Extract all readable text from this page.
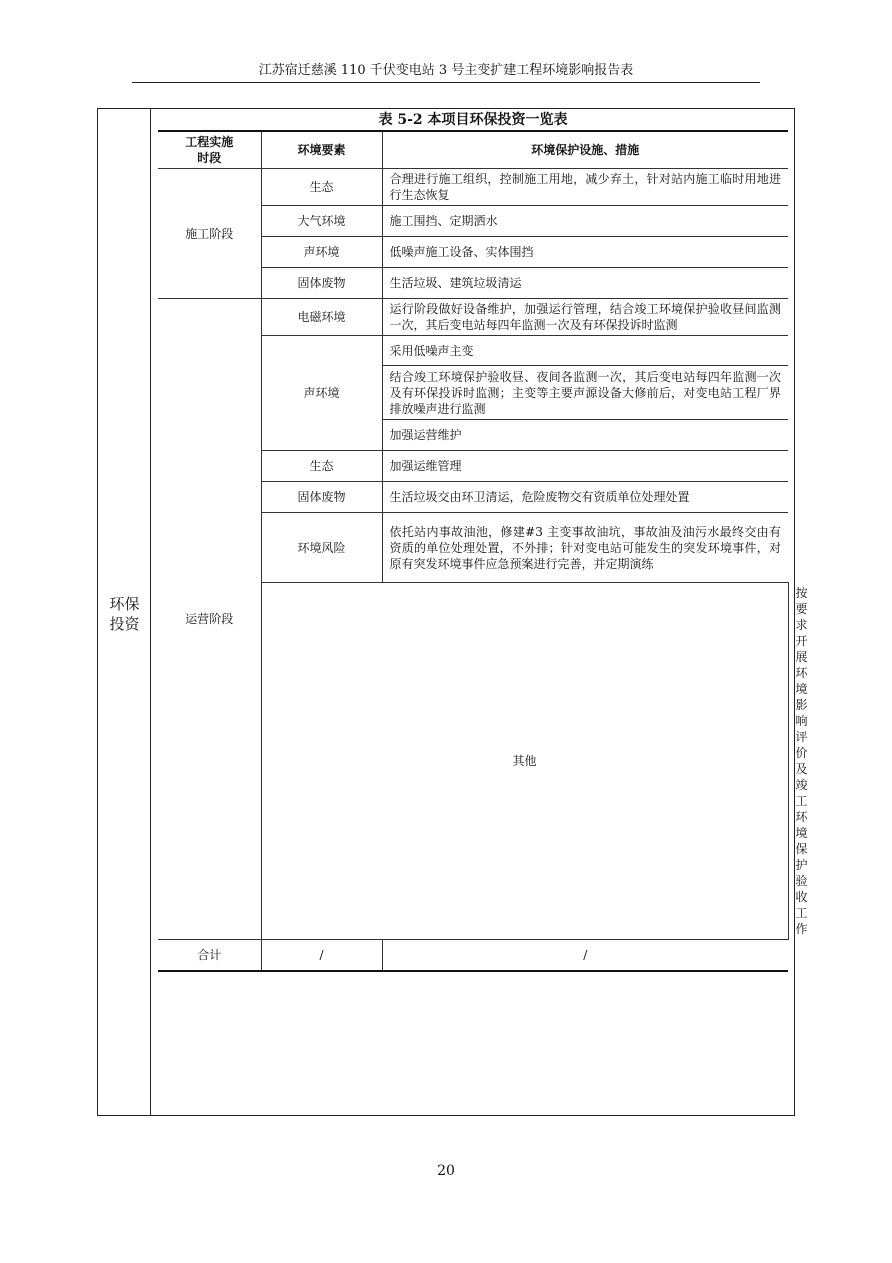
江苏宿迁慈溪 110 千伏变电站 3 号主变扩建工程环境影响报告表
环保
投资
表 5-2 本项目环保投资一览表
工程实施
时段	环境要素	环境保护设施、措施	
施工阶段	生态	合理进行施工组织，控制施工用地，减少弃土，针对站内施工临时用地进行生态恢复	
	大气环境	施工围挡、定期洒水	
	声环境	低噪声施工设备、实体围挡	
	固体废物	生活垃圾、建筑垃圾清运	
运营阶段	电磁环境	运行阶段做好设备维护，加强运行管理，结合竣工环境保护验收昼间监测一次，其后变电站每四年监测一次及有环保投诉时监测	
	声环境	采用低噪声主变	
		结合竣工环境保护验收昼、夜间各监测一次，其后变电站每四年监测一次及有环保投诉时监测；主变等主要声源设备大修前后，对变电站工程厂界排放噪声进行监测	
		加强运营维护	
	生态	加强运维管理	
	固体废物	生活垃圾交由环卫清运，危险废物交有资质单位处理处置	
	环境风险	依托站内事故油池，修建#3 主变事故油坑，事故油及油污水最终交由有资质的单位处理处置，不外排；针对变电站可能发生的突发环境事件，对原有突发环境事件应急预案进行完善，并定期演练	
	其他		按要求开展环境影响评价及竣工环境保护验收工作
合计	/	/	
20
